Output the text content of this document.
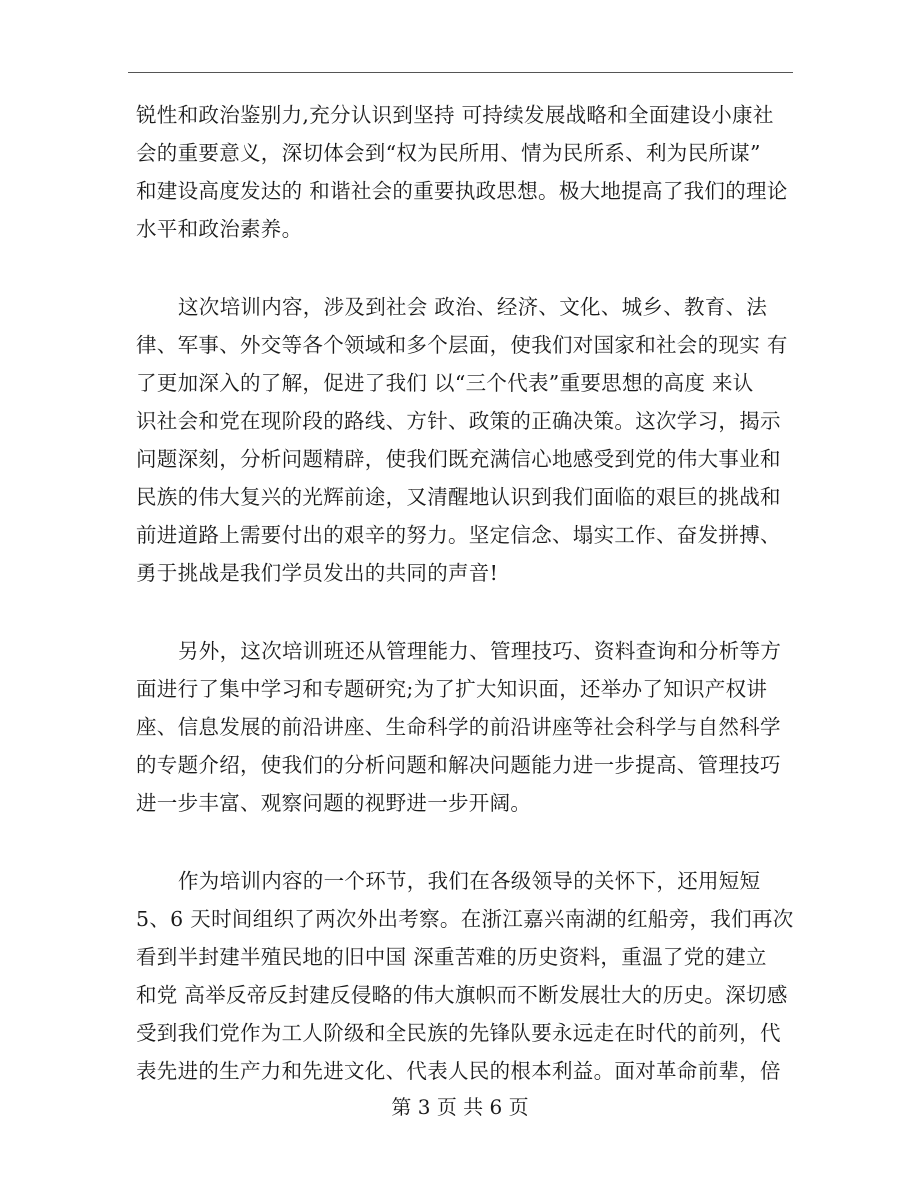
锐性和政治鉴别力,充分认识到坚持 可持续发展战略和全面建设小康社
会的重要意义，深切体会到“权为民所用、情为民所系、利为民所谋”
和建设高度发达的 和谐社会的重要执政思想。极大地提高了我们的理论
水平和政治素养。
这次培训内容，涉及到社会 政治、经济、文化、城乡、教育、法
律、军事、外交等各个领域和多个层面，使我们对国家和社会的现实 有
了更加深入的了解，促进了我们 以“三个代表”重要思想的高度 来认
识社会和党在现阶段的路线、方针、政策的正确决策。这次学习，揭示
问题深刻，分析问题精辟，使我们既充满信心地感受到党的伟大事业和
民族的伟大复兴的光辉前途，又清醒地认识到我们面临的艰巨的挑战和
前进道路上需要付出的艰辛的努力。坚定信念、塌实工作、奋发拼搏、
勇于挑战是我们学员发出的共同的声音!
另外，这次培训班还从管理能力、管理技巧、资料查询和分析等方
面进行了集中学习和专题研究;为了扩大知识面，还举办了知识产权讲
座、信息发展的前沿讲座、生命科学的前沿讲座等社会科学与自然科学
的专题介绍，使我们的分析问题和解决问题能力进一步提高、管理技巧
进一步丰富、观察问题的视野进一步开阔。
作为培训内容的一个环节，我们在各级领导的关怀下，还用短短
5、6 天时间组织了两次外出考察。在浙江嘉兴南湖的红船旁，我们再次
看到半封建半殖民地的旧中国 深重苦难的历史资料，重温了党的建立
和党 高举反帝反封建反侵略的伟大旗帜而不断发展壮大的历史。深切感
受到我们党作为工人阶级和全民族的先锋队要永远走在时代的前列，代
表先进的生产力和先进文化、代表人民的根本利益。面对革命前辈，倍
第 3 页 共 6 页
